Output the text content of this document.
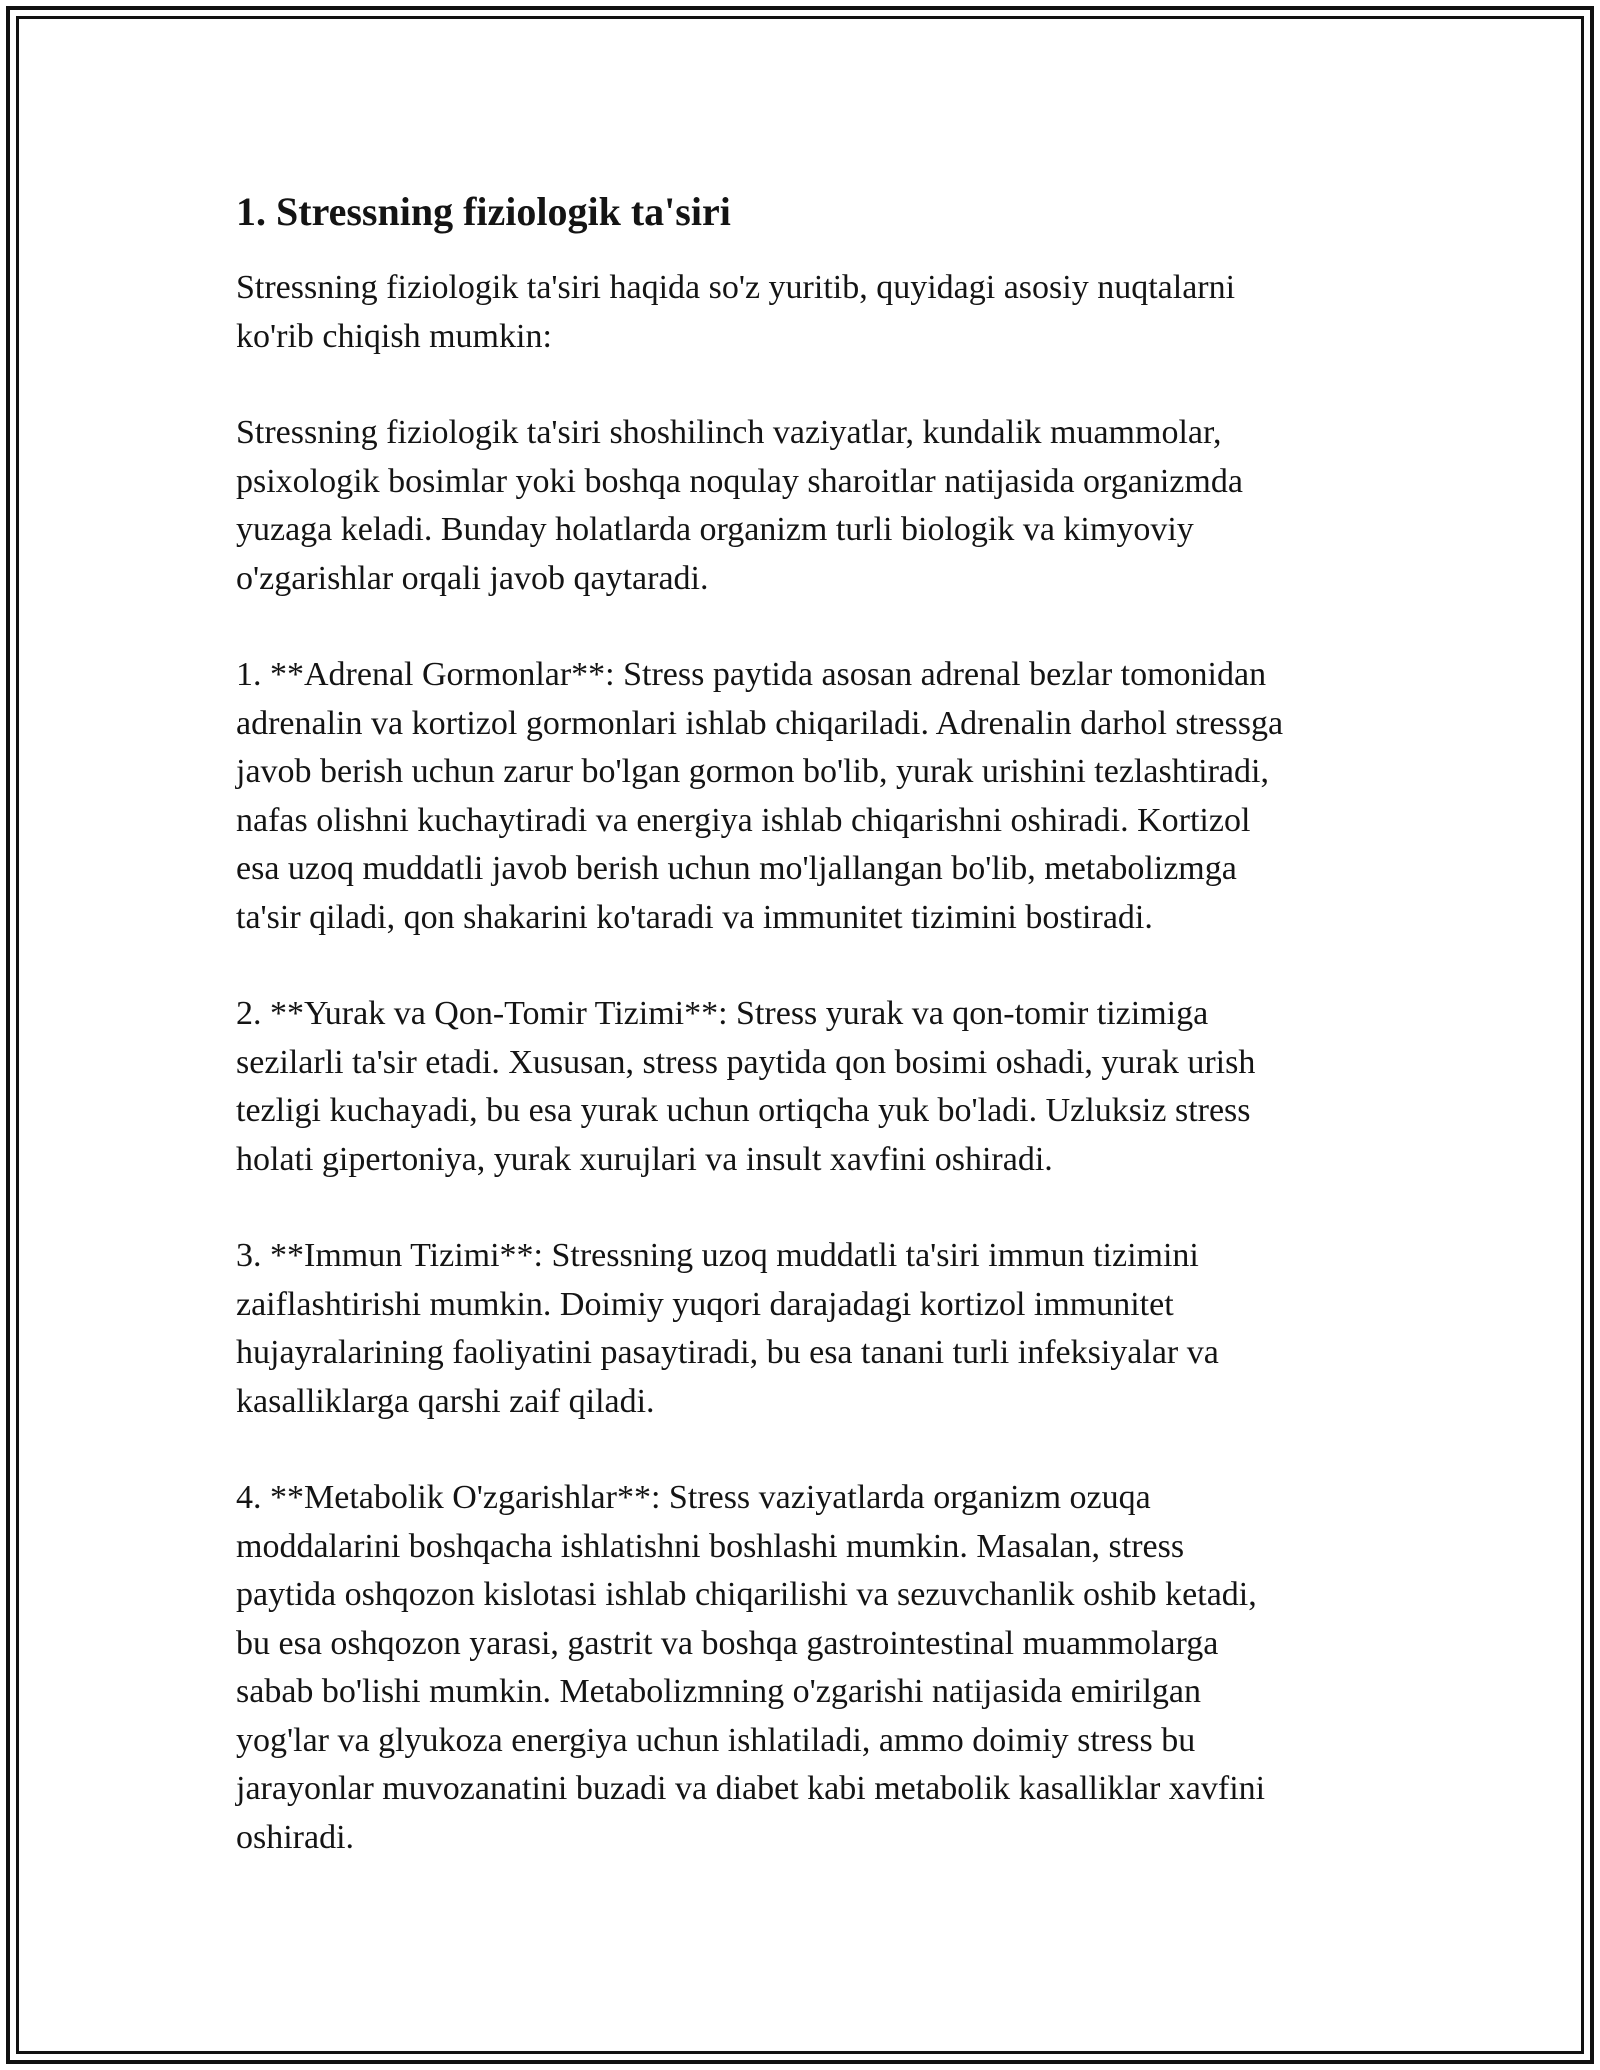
1. Stressning fiziologik ta'siri

Stressning fiziologik ta'siri haqida so'z yuritib, quyidagi asosiy nuqtalarni
ko'rib chiqish mumkin:

Stressning fiziologik ta'siri shoshilinch vaziyatlar, kundalik muammolar,
psixologik bosimlar yoki boshqa noqulay sharoitlar natijasida organizmda
yuzaga keladi. Bunday holatlarda organizm turli biologik va kimyoviy
o'zgarishlar orqali javob qaytaradi.

1. **Adrenal Gormonlar**: Stress paytida asosan adrenal bezlar tomonidan
adrenalin va kortizol gormonlari ishlab chiqariladi. Adrenalin darhol stressga
javob berish uchun zarur bo'lgan gormon bo'lib, yurak urishini tezlashtiradi,
nafas olishni kuchaytiradi va energiya ishlab chiqarishni oshiradi. Kortizol
esa uzoq muddatli javob berish uchun mo'ljallangan bo'lib, metabolizmga
ta'sir qiladi, qon shakarini ko'taradi va immunitet tizimini bostiradi.

2. **Yurak va Qon-Tomir Tizimi**: Stress yurak va qon-tomir tizimiga
sezilarli ta'sir etadi. Xususan, stress paytida qon bosimi oshadi, yurak urish
tezligi kuchayadi, bu esa yurak uchun ortiqcha yuk bo'ladi. Uzluksiz stress
holati gipertoniya, yurak xurujlari va insult xavfini oshiradi.

3. **Immun Tizimi**: Stressning uzoq muddatli ta'siri immun tizimini
zaiflashtirishi mumkin. Doimiy yuqori darajadagi kortizol immunitet
hujayralarining faoliyatini pasaytiradi, bu esa tanani turli infeksiyalar va
kasalliklarga qarshi zaif qiladi.

4. **Metabolik O'zgarishlar**: Stress vaziyatlarda organizm ozuqa
moddalarini boshqacha ishlatishni boshlashi mumkin. Masalan, stress
paytida oshqozon kislotasi ishlab chiqarilishi va sezuvchanlik oshib ketadi,
bu esa oshqozon yarasi, gastrit va boshqa gastrointestinal muammolarga
sabab bo'lishi mumkin. Metabolizmning o'zgarishi natijasida emirilgan
yog'lar va glyukoza energiya uchun ishlatiladi, ammo doimiy stress bu
jarayonlar muvozanatini buzadi va diabet kabi metabolik kasalliklar xavfini
oshiradi.
